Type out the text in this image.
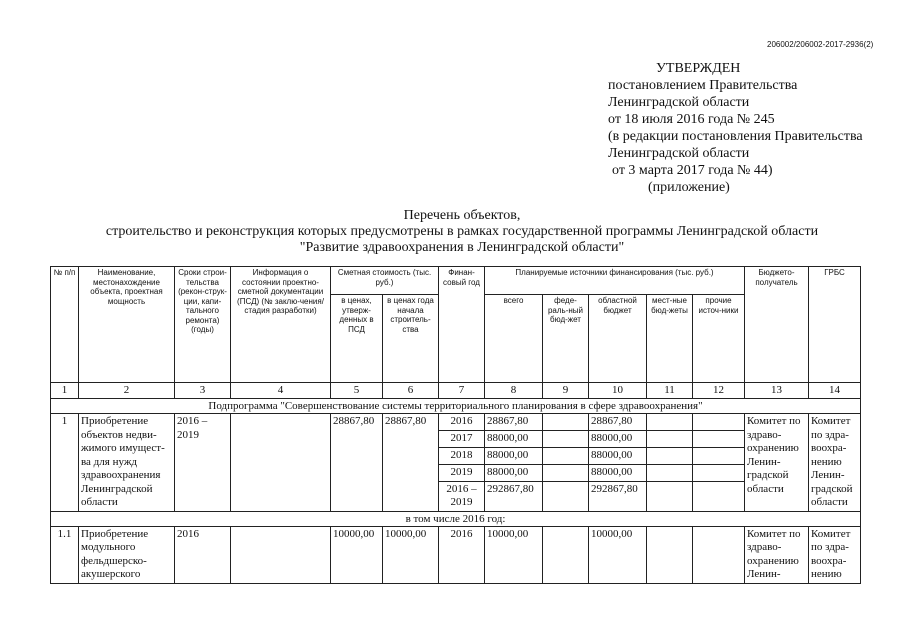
206002/206002-2017-2936(2)
УТВЕРЖДЕН
постановлением Правительства
Ленинградской области
от 18 июля 2016 года № 245
(в редакции постановления Правительства
Ленинградской области
от 3 марта 2017 года № 44)
(приложение)
Перечень объектов,
строительство и реконструкция которых предусмотрены в рамках государственной программы Ленинградской области
"Развитие здравоохранения в Ленинградской области"
№ п/п	Наименование, местонахождение объекта, проектная мощность	Сроки строи-тельства (рекон-струк-ции, капи-тального ремонта) (годы)	Информация о состоянии проектно-сметной документации (ПСД) (№ заклю-чения/стадия разработки)	Сметная стоимость (тыс. руб.)		Финан-совый год	Планируемые источники финансирования (тыс. руб.)					Бюджето-получатель	ГРБС
				в ценах, утверж-денных в ПСД	в ценах года начала строитель-ства		всего	феде-раль-ный бюд-жет	областной бюджет	мест-ные бюд-жеты	прочие источ-ники		
1	2	3	4	5	6	7	8	9	10	11	12	13	14
Подпрограмма "Совершенствование системы территориального планирования в сфере здравоохранения"													
1	Приобретение объектов недви-жимого имущест-ва для нужд здравоохранения Ленинградской области	2016 – 2019		28867,80	28867,80	2016	28867,80		28867,80			Комитет по здраво-охранению Ленин-градской области	Комитет по здра-воохра-нению Ленин-градской области
						2017	88000,00		88000,00				
						2018	88000,00		88000,00				
						2019	88000,00		88000,00				
						2016 – 2019	292867,80		292867,80				
в том числе 2016 год:													
1.1	Приобретение модульного фельдшерско-акушерского	2016		10000,00	10000,00	2016	10000,00		10000,00			Комитет по здраво-охранению Ленин-	Комитет по здра-воохра-нению
